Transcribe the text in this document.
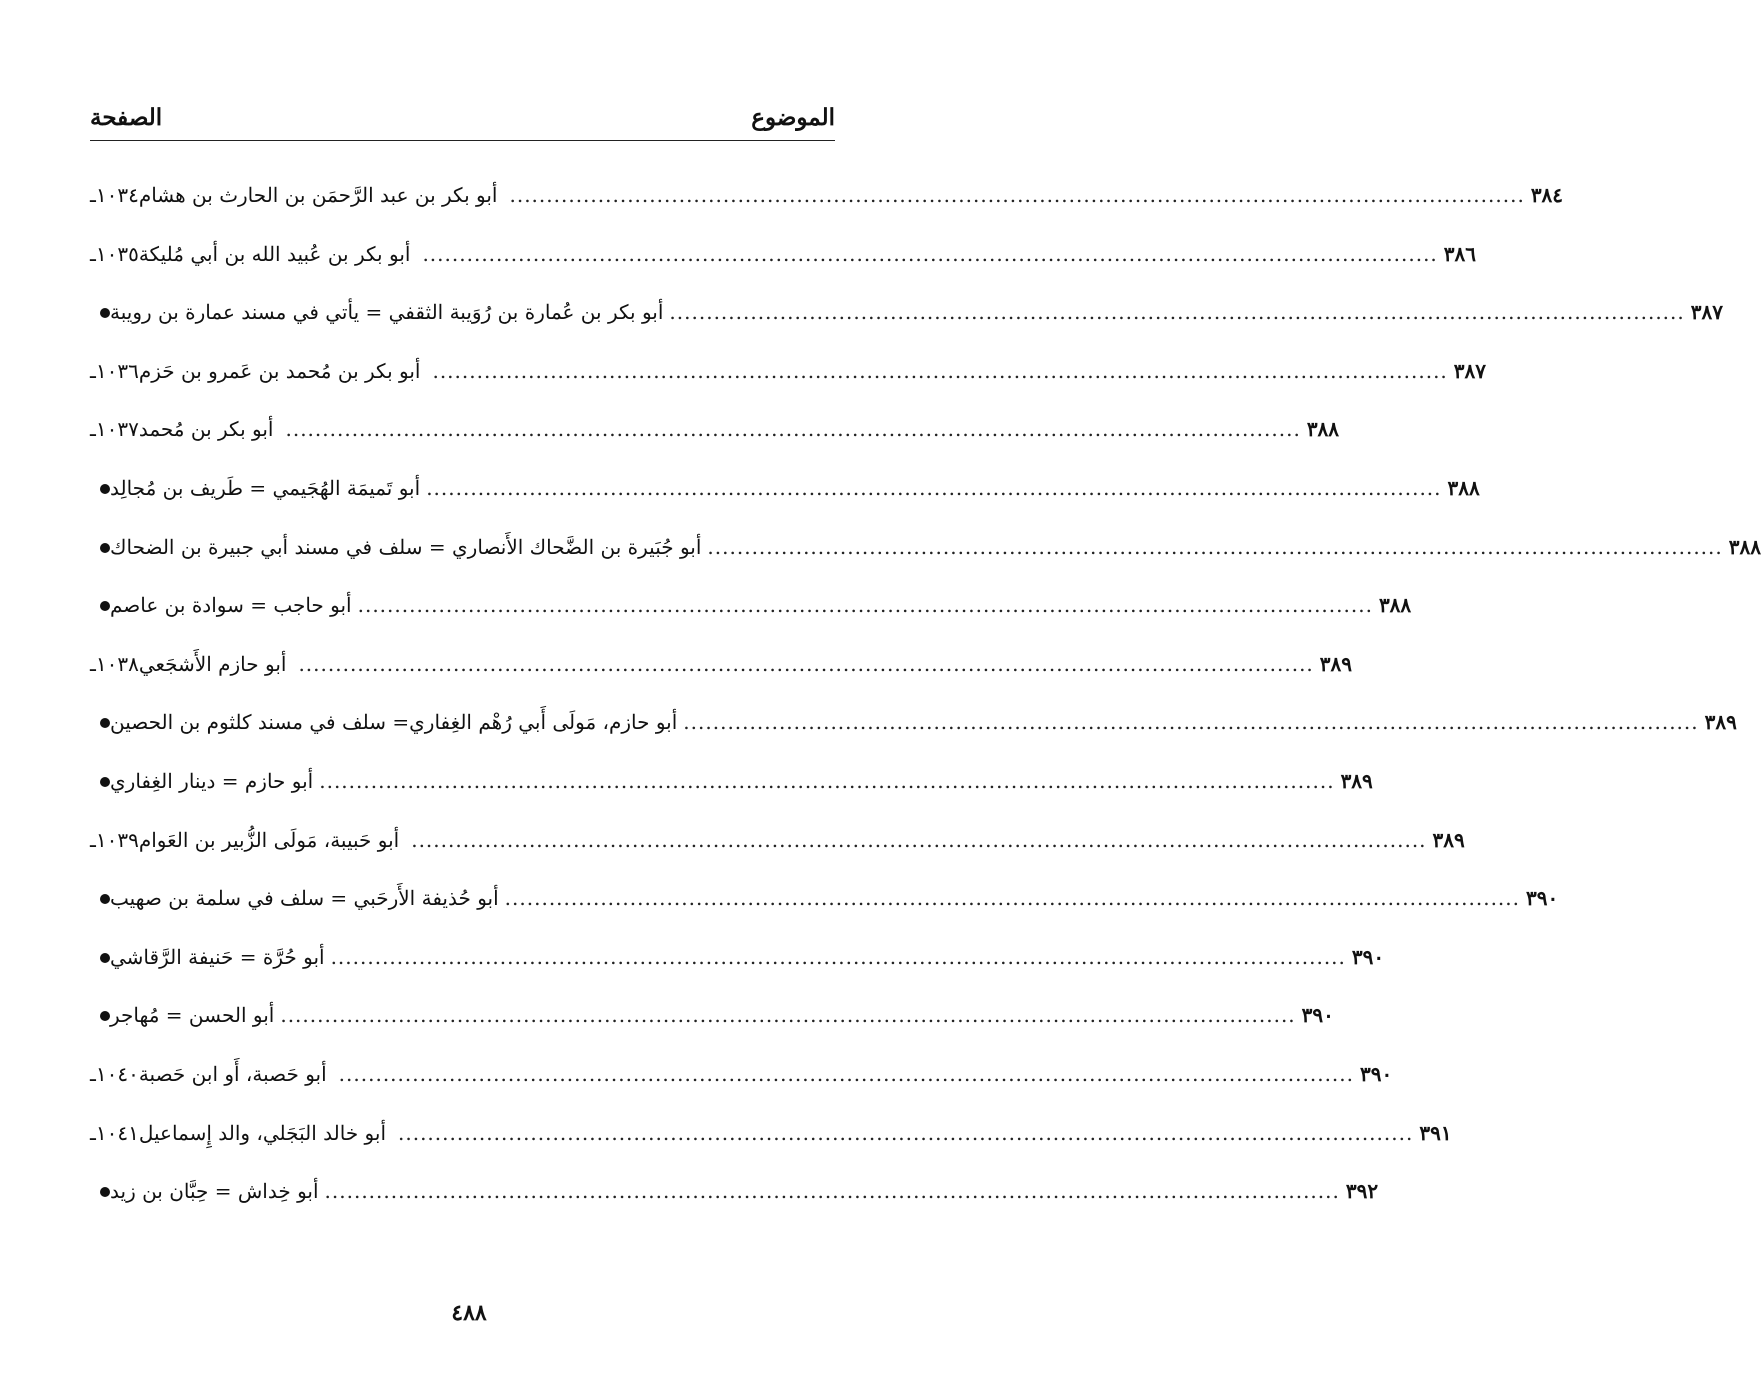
الموضوع
الصفحة
١٠٣٤ـ أبو بكر بن عبد الرَّحمَن بن الحارث بن هشام .......................................................................................................................................... ٣٨٤
١٠٣٥ـ أبو بكر بن عُبيد الله بن أبي مُليكة .......................................................................................................................................... ٣٨٦
أبو بكر بن عُمارة بن رُوَيبة الثقفي = يأتي في مسند عمارة بن رويبة .......................................................................................................................................... ٣٨٧
١٠٣٦ـ أبو بكر بن مُحمد بن عَمرو بن حَزم .......................................................................................................................................... ٣٨٧
١٠٣٧ـ أبو بكر بن مُحمد .......................................................................................................................................... ٣٨٨
أبو تَميمَة الهُجَيمي = طَريف بن مُجالِد .......................................................................................................................................... ٣٨٨
أبو جُبَيرة بن الضَّحاك الأَنصاري = سلف في مسند أبي جبيرة بن الضحاك .......................................................................................................................................... ٣٨٨
أبو حاجب = سوادة بن عاصم .......................................................................................................................................... ٣٨٨
١٠٣٨ـ أبو حازم الأَشجَعي .......................................................................................................................................... ٣٨٩
أبو حازم، مَولَى أَبي رُهْم الغِفاري= سلف في مسند كلثوم بن الحصين .......................................................................................................................................... ٣٨٩
أبو حازم = دينار الغِفاري .......................................................................................................................................... ٣٨٩
١٠٣٩ـ أبو حَبيبة، مَولَى الزُّبير بن العَوام .......................................................................................................................................... ٣٨٩
أبو حُذيفة الأَرحَبي = سلف في سلمة بن صهيب .......................................................................................................................................... ٣٩٠
أبو حُرَّة = حَنيفة الرَّقاشي .......................................................................................................................................... ٣٩٠
أبو الحسن = مُهاجر .......................................................................................................................................... ٣٩٠
١٠٤٠ـ أبو حَصبة، أَو ابن حَصبة .......................................................................................................................................... ٣٩٠
١٠٤١ـ أبو خالد البَجَلي، والد إِسماعيل .......................................................................................................................................... ٣٩١
أبو خِداش = حِبَّان بن زيد .......................................................................................................................................... ٣٩٢
٤٨٨
